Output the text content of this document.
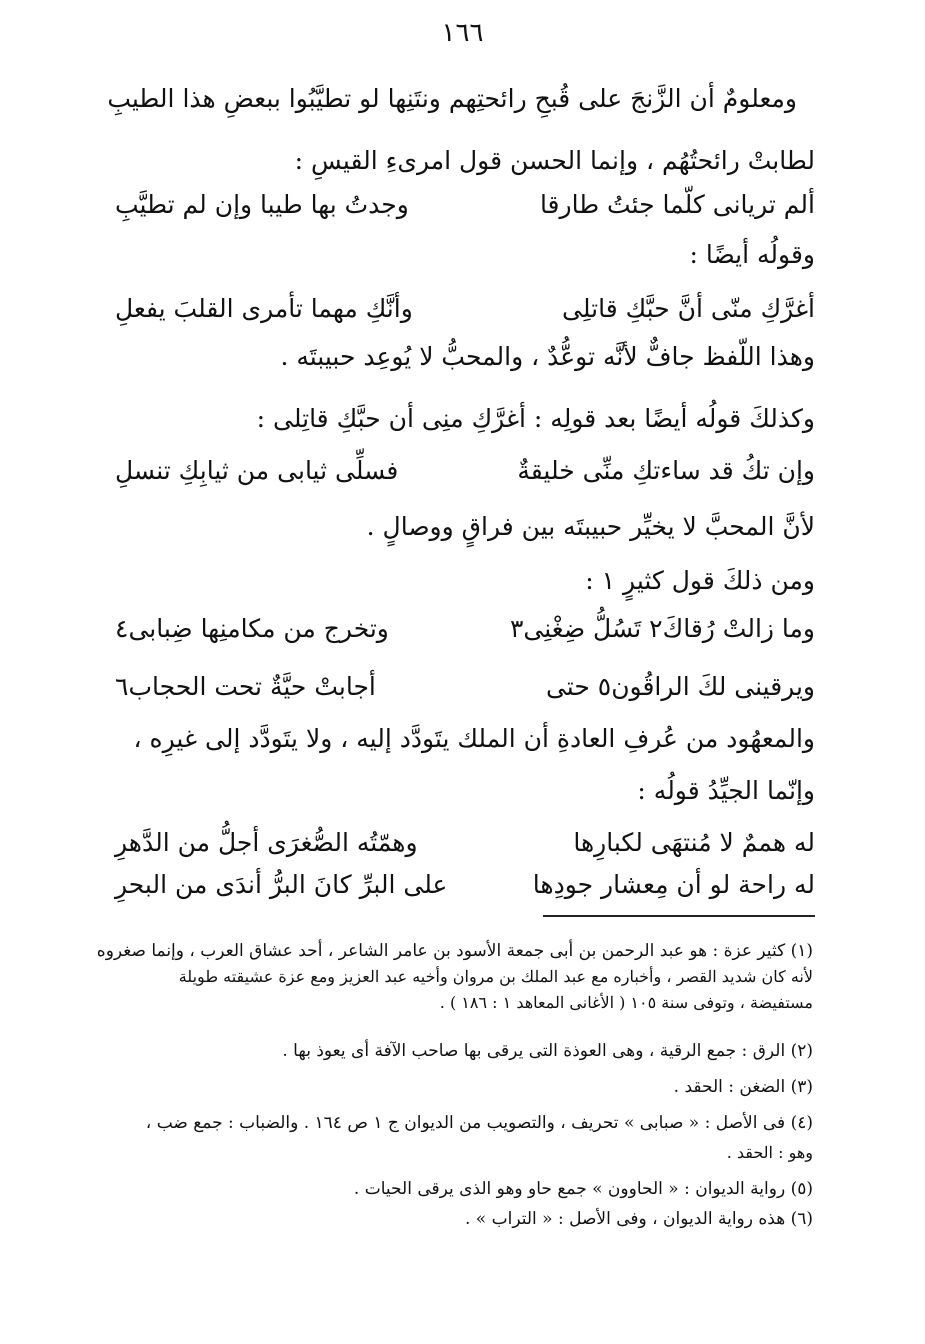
١٦٦
ومعلومٌ أن الزَّنجَ على قُبحِ رائحتِهم ونتَنِها لو تطيَّبُوا ببعضِ هذا الطيبِ
لطابتْ رائحتُهُم ، وإنما الحسن قول امرىءِ القيسِ :
ألم تريانى كلّما جئتُ طارقا
وجدتُ بها طيبا وإن لم تطيَّبِ
وقولُه أيضًا :
أغرَّكِ منّى أنَّ حبَّكِ قاتلِى
وأنَّكِ مهما تأمرى القلبَ يفعلِ
وهذا اللّفظ جافٌّ لأنَّه توعُّدٌ ، والمحبُّ لا يُوعِد حبيبتَه .
وكذلكَ قولُه أيضًا بعد قولِه : أغرَّكِ منِى أن حبَّكِ قاتِلى :
وإن تكُ قد ساءتكِ منِّى خليقةٌ
فسلِّى ثيابى من ثيابِكِ تنسلِ
لأنَّ المحبَّ لا يخيِّر حبيبتَه بين فراقٍ ووصالٍ .
ومن ذلكَ قول كثيرٍ ١ :
وما زالتْ رُقاكَ٢ تَسُلُّ ضِغْنِى٣
وتخرج من مكامنِها ضِبابى٤
ويرقينى لكَ الراقُون٥ حتى
أجابتْ حيَّةٌ تحت الحجاب٦
والمعهُود من عُرفِ العادةِ أن الملك يتَودَّد إليه ، ولا يتَودَّد إلى غيرِه ،
وإنّما الجيِّدُ قولُه :
له هممٌ لا مُنتهَى لكبارِها
وهمّتُه الصُّغرَى أجلُّ من الدَّهرِ
له راحة لو أن مِعشار جودِها
على البرِّ كانَ البرُّ أندَى من البحرِ
(١) كثير عزة : هو عبد الرحمن بن أبى جمعة الأسود بن عامر الشاعر ، أحد عشاق العرب ، وإنما صغروه
لأنه كان شديد القصر ، وأخباره مع عبد الملك بن مروان وأخيه عبد العزيز ومع عزة عشيقته طويلة
مستفيضة ، وتوفى سنة ١٠٥ ( الأغانى المعاهد ١ : ١٨٦ ) .
(٢) الرق : جمع الرقية ، وهى العوذة التى يرقى بها صاحب الآفة أى يعوذ بها .
(٣) الضغن : الحقد .
(٤) فى الأصل : « صبابى » تحريف ، والتصويب من الديوان ج ١ ص ١٦٤ . والضباب : جمع ضب ،
وهو : الحقد .
(٥) رواية الديوان : « الحاوون » جمع حاو وهو الذى يرقى الحيات .
(٦) هذه رواية الديوان ، وفى الأصل : « التراب » .
